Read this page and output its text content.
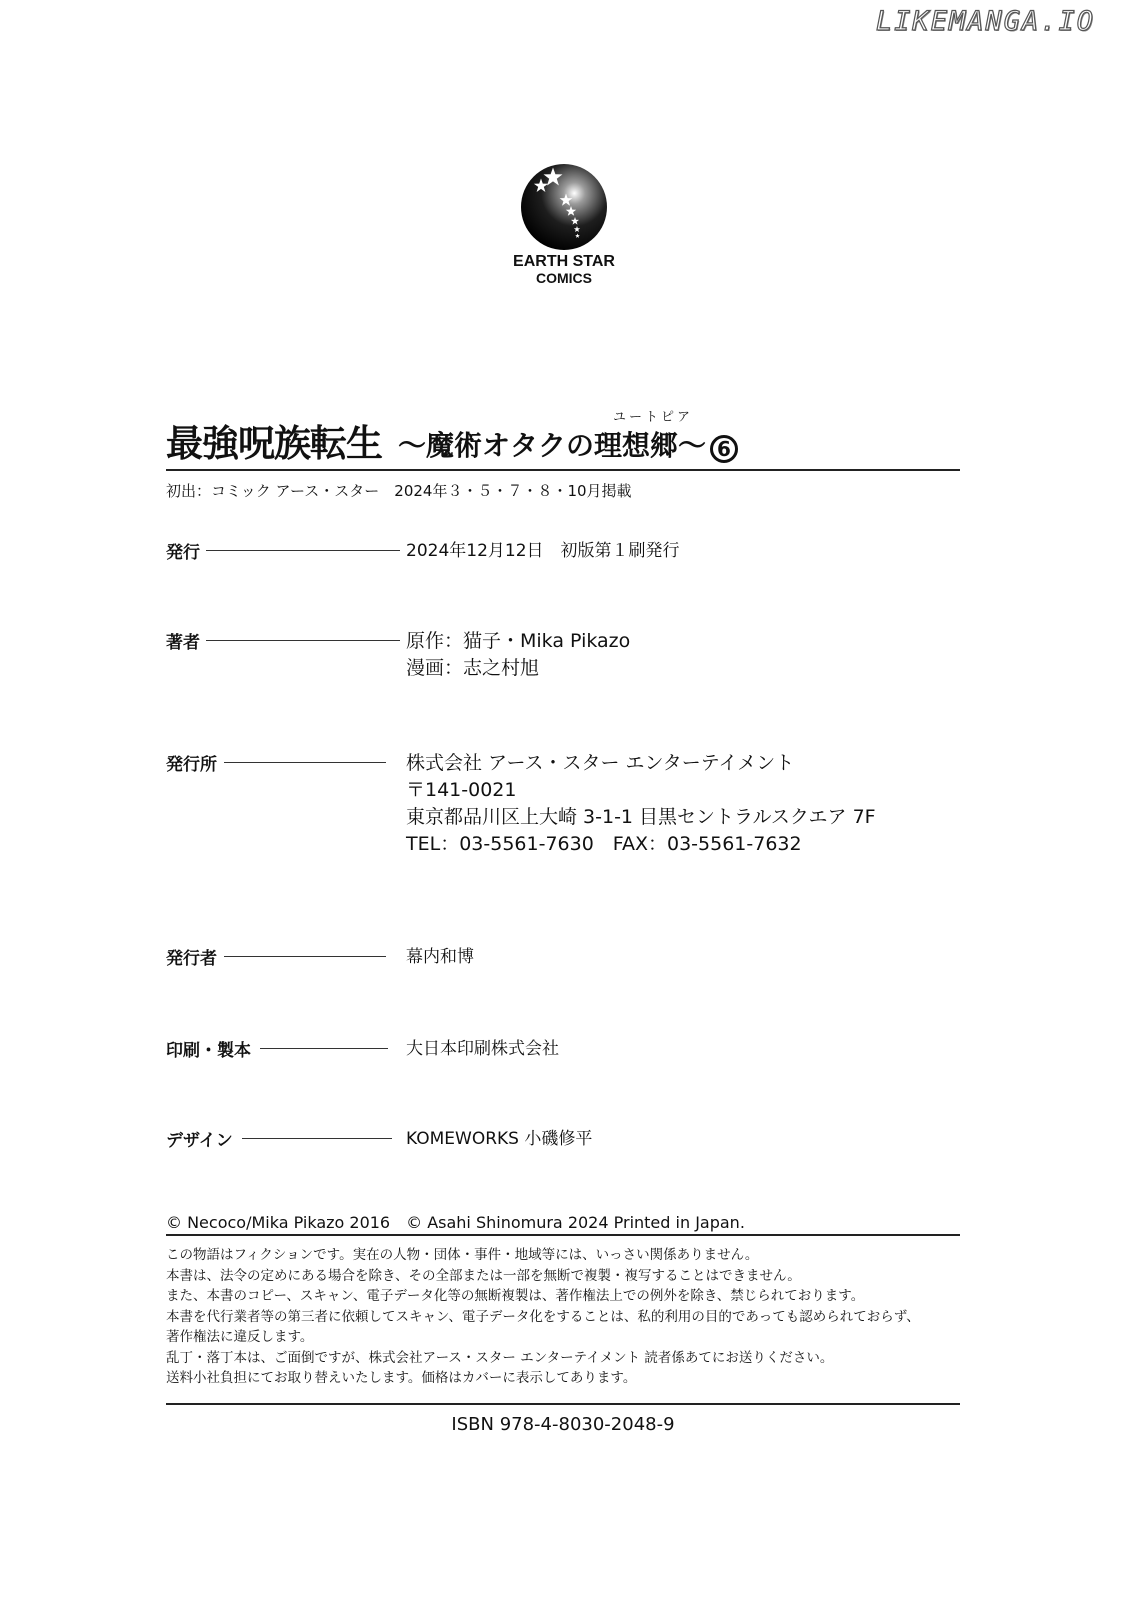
LIKEMANGA.IO
EARTH STAR
COMICS
最強呪族転生
ユートピア
～魔術オタクの理想郷～ 6
初出：コミック アース・スター　2024年３・５・７・８・10月掲載
発行	2024年12月12日　初版第１刷発行
著者	原作：猫子・Mika Pikazo
漫画：志之村旭
発行所	株式会社 アース・スター エンターテイメント
〒141-0021
東京都品川区上大崎 3-1-1 目黒セントラルスクエア 7F
TEL：03-5561-7630　FAX：03-5561-7632
発行者	幕内和博
印刷・製本	大日本印刷株式会社
デザイン	KOMEWORKS 小磯修平
© Necoco/Mika Pikazo 2016　© Asahi Shinomura 2024 Printed in Japan.
この物語はフィクションです。実在の人物・団体・事件・地域等には、いっさい関係ありません。
本書は、法令の定めにある場合を除き、その全部または一部を無断で複製・複写することはできません。
また、本書のコピー、スキャン、電子データ化等の無断複製は、著作権法上での例外を除き、禁じられております。
本書を代行業者等の第三者に依頼してスキャン、電子データ化をすることは、私的利用の目的であっても認められておらず、
著作権法に違反します。
乱丁・落丁本は、ご面倒ですが、株式会社アース・スター エンターテイメント 読者係あてにお送りください。
送料小社負担にてお取り替えいたします。価格はカバーに表示してあります。
ISBN 978-4-8030-2048-9
